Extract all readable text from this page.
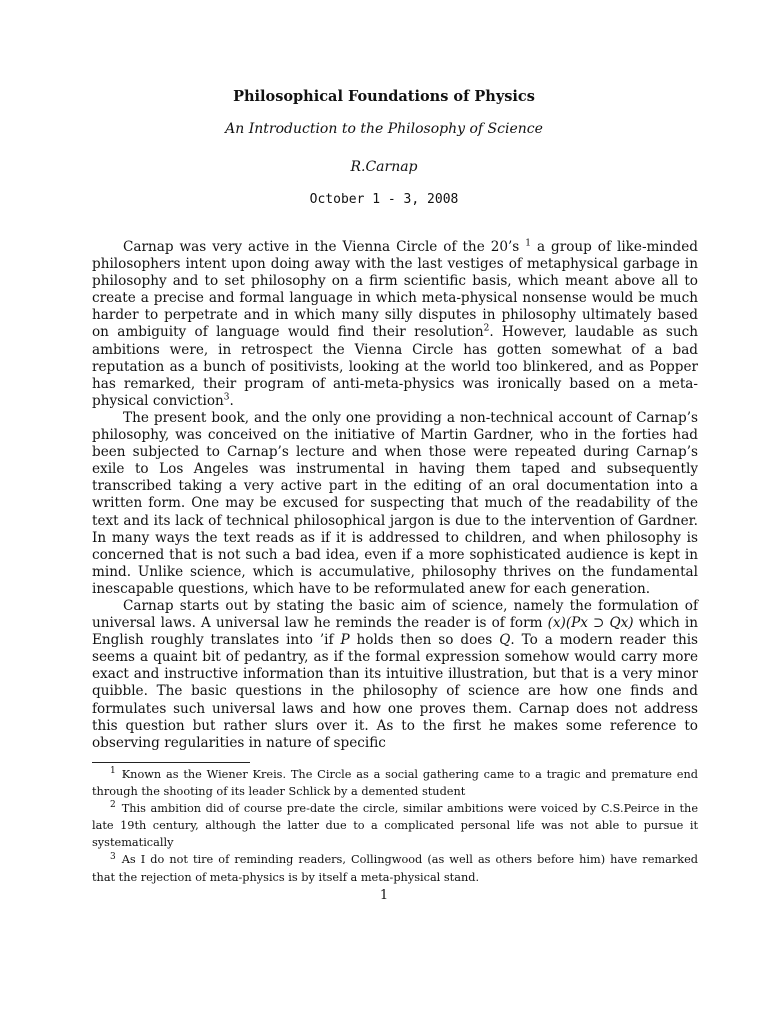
Philosophical Foundations of Physics
An Introduction to the Philosophy of Science
R.Carnap
October 1 - 3, 2008

Carnap was very active in the Vienna Circle of the 20’s $^1$ a group of like-minded philosophers intent upon doing away with the last vestiges of metaphysical garbage in philosophy and to set philosophy on a firm scientific basis, which meant above all to create a precise and formal language in which meta-physical nonsense would be much harder to perpetrate and in which many silly disputes in philosophy ultimately based on ambiguity of language would find their resolution$^2$. However, laudable as such ambitions were, in retrospect the Vienna Circle has gotten somewhat of a bad reputation as a bunch of positivists, looking at the world too blinkered, and as Popper has remarked, their program of anti-meta-physics was ironically based on a meta-physical conviction$^3$.

The present book, and the only one providing a non-technical account of Carnap’s philosophy, was conceived on the initiative of Martin Gardner, who in the forties had been subjected to Carnap’s lecture and when those were repeated during Carnap’s exile to Los Angeles was instrumental in having them taped and subsequently transcribed taking a very active part in the editing of an oral documentation into a written form. One may be excused for suspecting that much of the readability of the text and its lack of technical philosophical jargon is due to the intervention of Gardner. In many ways the text reads as if it is addressed to children, and when philosophy is concerned that is not such a bad idea, even if a more sophisticated audience is kept in mind. Unlike science, which is accumulative, philosophy thrives on the fundamental inescapable questions, which have to be reformulated anew for each generation.

Carnap starts out by stating the basic aim of science, namely the formulation of universal laws. A universal law he reminds the reader is of form (x)(Px ⊃ Qx) which in English roughly translates into ’if P holds then so does Q. To a modern reader this seems a quaint bit of pedantry, as if the formal expression somehow would carry more exact and instructive information than its intuitive illustration, but that is a very minor quibble. The basic questions in the philosophy of science are how one finds and formulates such universal laws and how one proves them. Carnap does not address this question but rather slurs over it. As to the first he makes some reference to observing regularities in nature of specific

$^1$ Known as the Wiener Kreis. The Circle as a social gathering came to a tragic and premature end through the shooting of its leader Schlick by a demented student

$^2$ This ambition did of course pre-date the circle, similar ambitions were voiced by C.S.Peirce in the late 19th century, although the latter due to a complicated personal life was not able to pursue it systematically

$^3$ As I do not tire of reminding readers, Collingwood (as well as others before him) have remarked that the rejection of meta-physics is by itself a meta-physical stand.

1
